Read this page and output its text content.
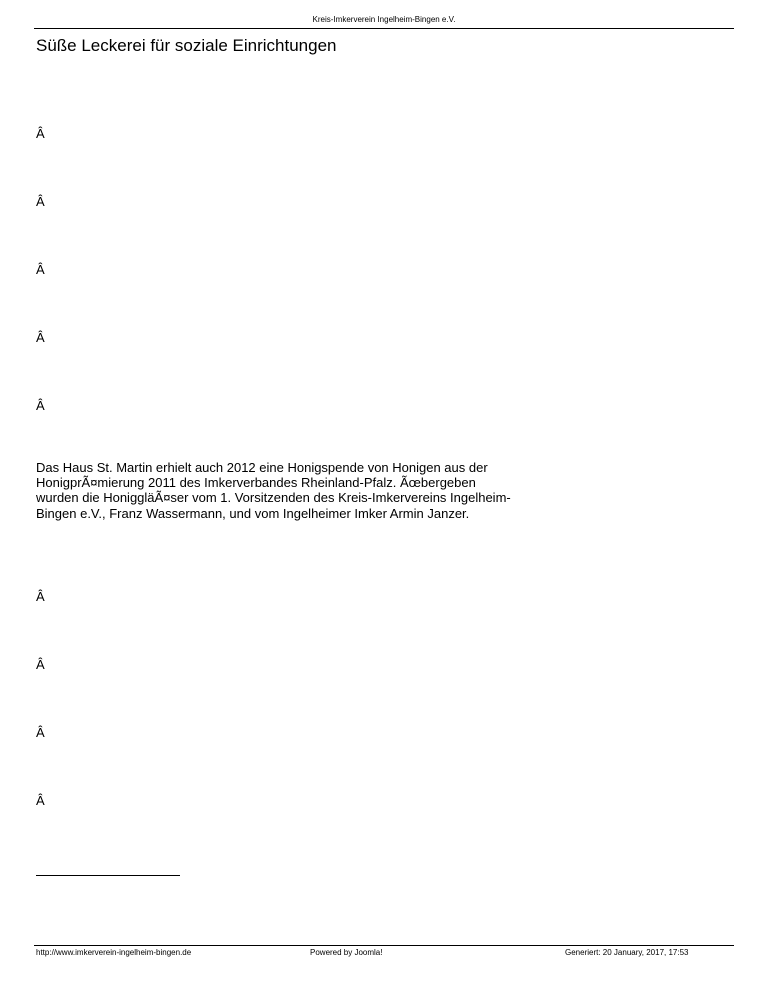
Kreis-Imkerverein Ingelheim-Bingen e.V.
Süße Leckerei für soziale Einrichtungen
Â
Â
Â
Â
Â

Das Haus St. Martin erhielt auch 2012 eine Honigspende von Honigen aus der HonigprÃ¤mierung 2011 des Imkerverbandes Rheinland-Pfalz. Ãœbergeben wurden die HoniggläÃ¤ser vom 1. Vorsitzenden des Kreis-Imkervereins Ingelheim-Bingen e.V., Franz Wassermann, und vom Ingelheimer Imker Armin Janzer.

Â
Â
Â
Â
http://www.imkerverein-ingelheim-bingen.de	Powered by Joomla!	Generiert: 20 January, 2017, 17:53
